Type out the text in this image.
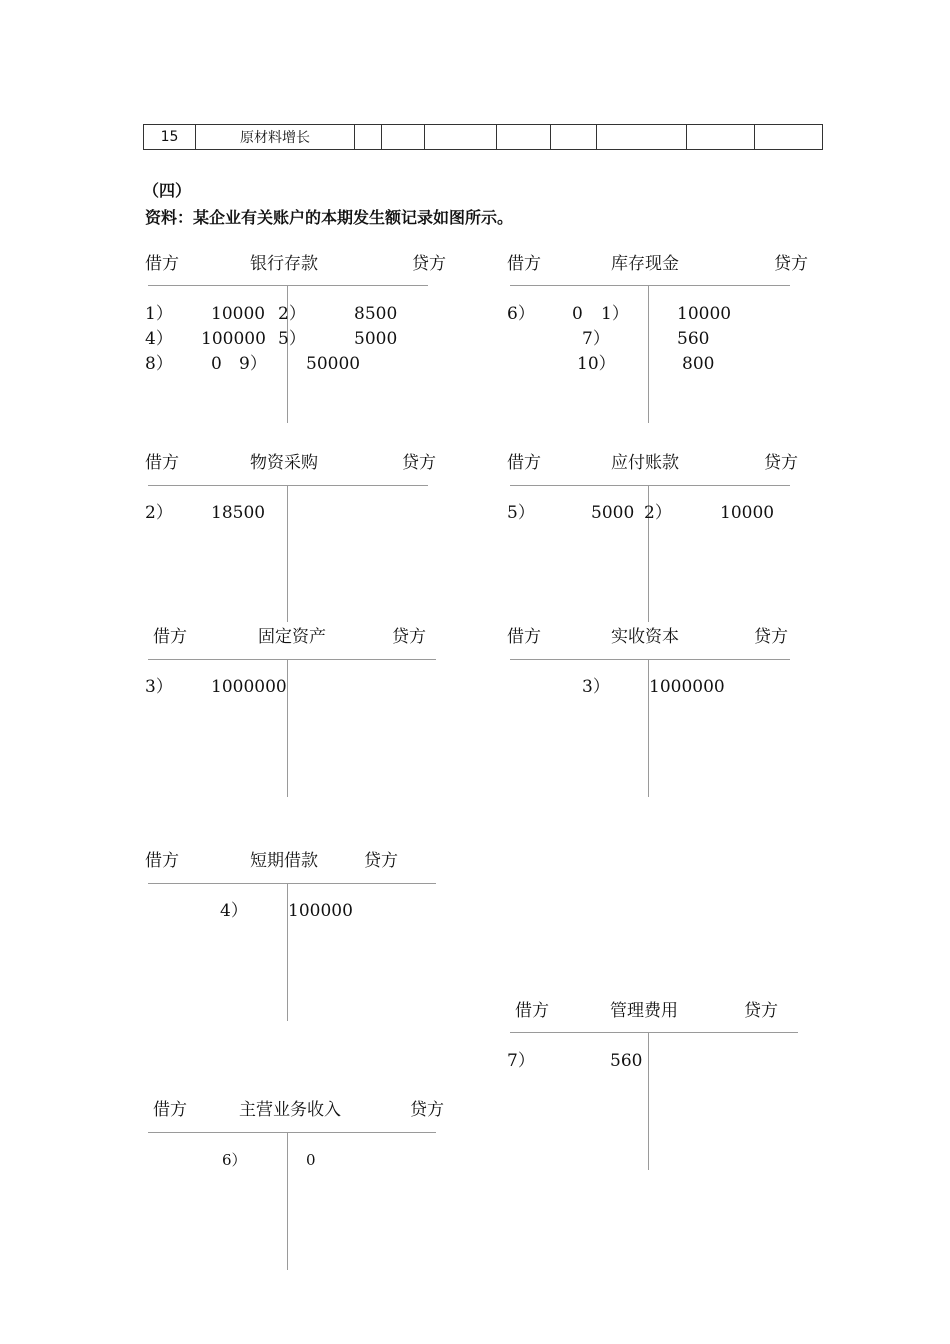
15	原材料增长								
（四）
资料：某企业有关账户的本期发生额记录如图所示。
借方	银行存款	贷方
1） 10000 2）	8500
4） 100000 5）	5000
8） 0 9） 50000
借方	库存现金	贷方
6） 0 1）	10000
7）	560
10）	800
借方	物资采购	贷方
2） 18500
借方	应付账款	贷方
5）	5000 2）	10000
借方	固定资产	贷方
3） 1000000
借方	实收资本	贷方
3） 1000000
借方	短期借款	贷方
4） 100000
借方	管理费用	贷方
7）	560
借方	主营业务收入	贷方
6）	0
